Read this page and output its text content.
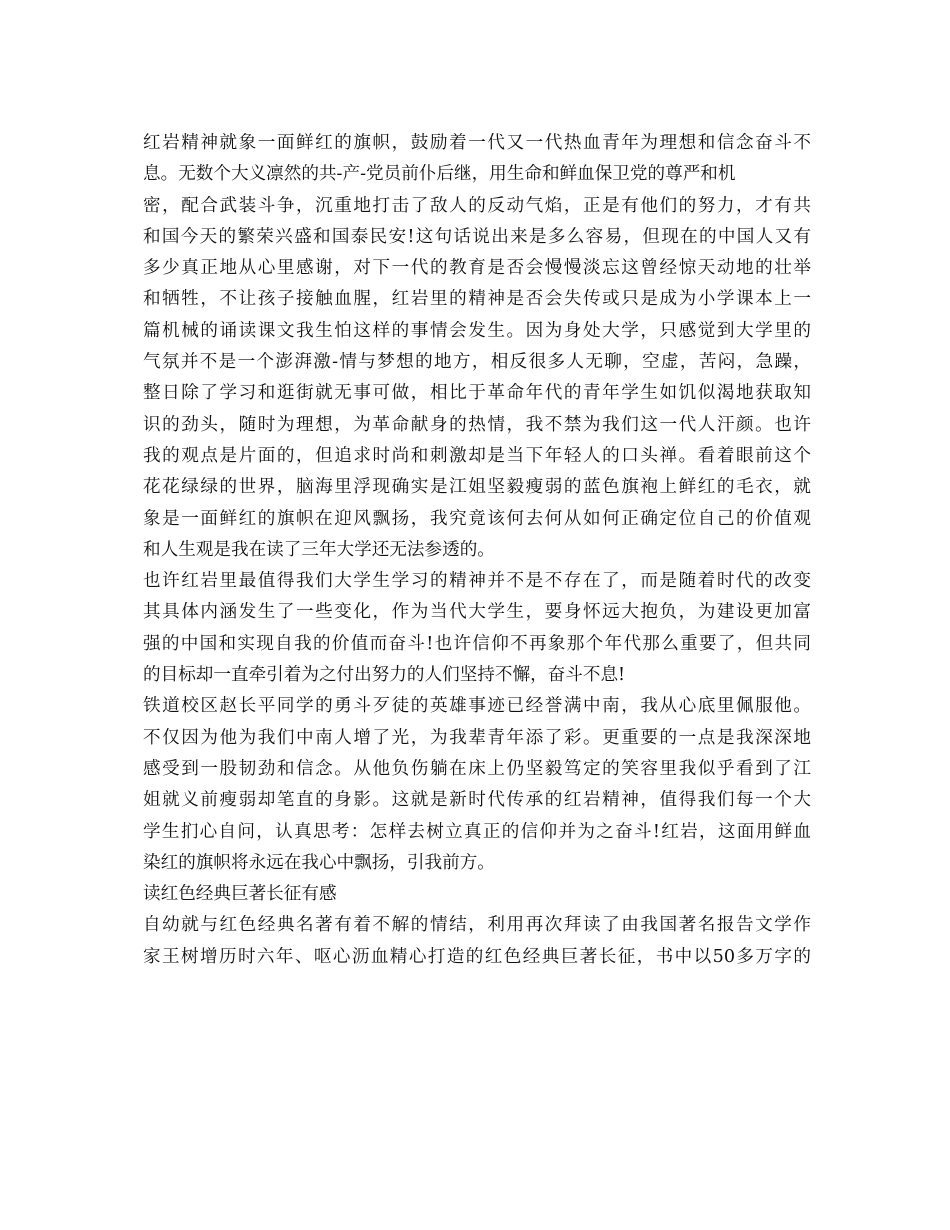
红岩精神就象一面鲜红的旗帜，鼓励着一代又一代热血青年为理想和信念奋斗不
息。无数个大义凛然的共-产-党员前仆后继，用生命和鲜血保卫党的尊严和机
密，配合武装斗争，沉重地打击了敌人的反动气焰，正是有他们的努力，才有共
和国今天的繁荣兴盛和国泰民安!这句话说出来是多么容易，但现在的中国人又有
多少真正地从心里感谢，对下一代的教育是否会慢慢淡忘这曾经惊天动地的壮举
和牺牲，不让孩子接触血腥，红岩里的精神是否会失传或只是成为小学课本上一
篇机械的诵读课文我生怕这样的事情会发生。因为身处大学，只感觉到大学里的
气氛并不是一个澎湃激-情与梦想的地方，相反很多人无聊，空虚，苦闷，急躁，
整日除了学习和逛街就无事可做，相比于革命年代的青年学生如饥似渴地获取知
识的劲头，随时为理想，为革命献身的热情，我不禁为我们这一代人汗颜。也许
我的观点是片面的，但追求时尚和刺激却是当下年轻人的口头禅。看着眼前这个
花花绿绿的世界，脑海里浮现确实是江姐坚毅瘦弱的蓝色旗袍上鲜红的毛衣，就
象是一面鲜红的旗帜在迎风飘扬，我究竟该何去何从如何正确定位自己的价值观
和人生观是我在读了三年大学还无法参透的。
也许红岩里最值得我们大学生学习的精神并不是不存在了，而是随着时代的改变
其具体内涵发生了一些变化，作为当代大学生，要身怀远大抱负，为建设更加富
强的中国和实现自我的价值而奋斗!也许信仰不再象那个年代那么重要了，但共同
的目标却一直牵引着为之付出努力的人们坚持不懈，奋斗不息!
铁道校区赵长平同学的勇斗歹徒的英雄事迹已经誉满中南，我从心底里佩服他。
不仅因为他为我们中南人增了光，为我辈青年添了彩。更重要的一点是我深深地
感受到一股韧劲和信念。从他负伤躺在床上仍坚毅笃定的笑容里我似乎看到了江
姐就义前瘦弱却笔直的身影。这就是新时代传承的红岩精神，值得我们每一个大
学生扪心自问，认真思考：怎样去树立真正的信仰并为之奋斗!红岩，这面用鲜血
染红的旗帜将永远在我心中飘扬，引我前方。
读红色经典巨著长征有感
自幼就与红色经典名著有着不解的情结，利用再次拜读了由我国著名报告文学作
家王树增历时六年、呕心沥血精心打造的红色经典巨著长征，书中以50多万字的
